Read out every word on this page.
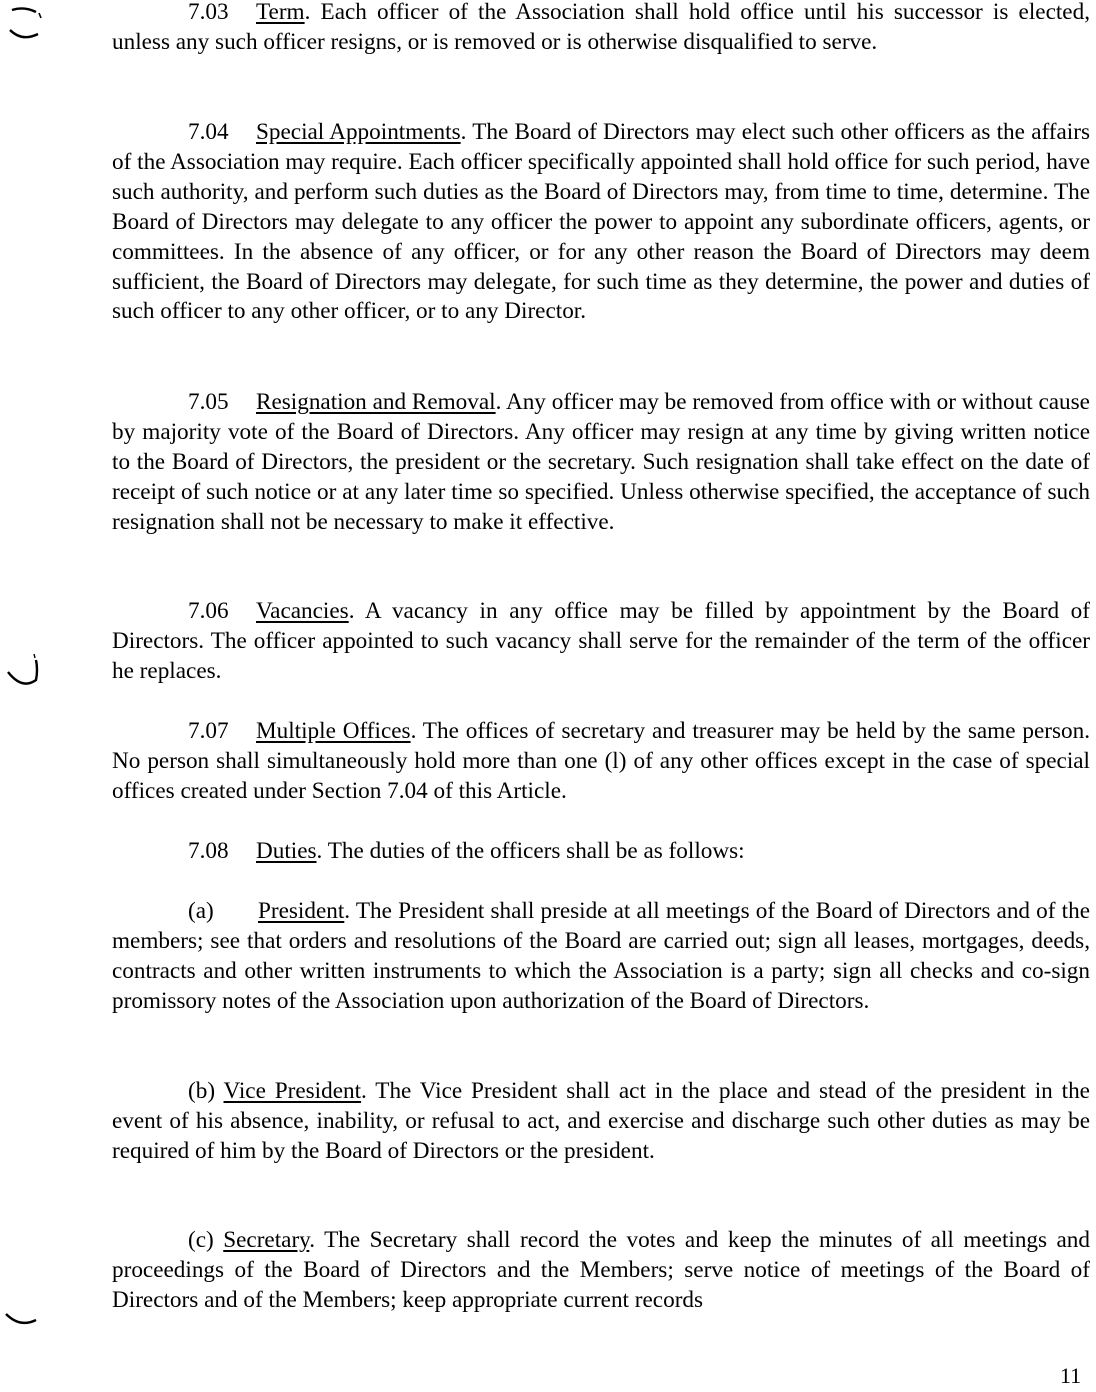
7.03 Term. Each officer of the Association shall hold office until his successor is elected, unless any such officer resigns, or is removed or is otherwise disqualified to serve.

7.04 Special Appointments. The Board of Directors may elect such other officers as the affairs of the Association may require. Each officer specifically appointed shall hold office for such period, have such authority, and perform such duties as the Board of Directors may, from time to time, determine. The Board of Directors may delegate to any officer the power to appoint any subordinate officers, agents, or committees. In the absence of any officer, or for any other reason the Board of Directors may deem sufficient, the Board of Directors may delegate, for such time as they determine, the power and duties of such officer to any other officer, or to any Director.

7.05 Resignation and Removal. Any officer may be removed from office with or without cause by majority vote of the Board of Directors. Any officer may resign at any time by giving written notice to the Board of Directors, the president or the secretary. Such resignation shall take effect on the date of receipt of such notice or at any later time so specified. Unless otherwise specified, the acceptance of such resignation shall not be necessary to make it effective.

7.06 Vacancies. A vacancy in any office may be filled by appointment by the Board of Directors. The officer appointed to such vacancy shall serve for the remainder of the term of the officer he replaces.

7.07 Multiple Offices. The offices of secretary and treasurer may be held by the same person. No person shall simultaneously hold more than one (l) of any other offices except in the case of special offices created under Section 7.04 of this Article.

7.08 Duties. The duties of the officers shall be as follows:

(a) President. The President shall preside at all meetings of the Board of Directors and of the members; see that orders and resolutions of the Board are carried out; sign all leases, mortgages, deeds, contracts and other written instruments to which the Association is a party; sign all checks and co-sign promissory notes of the Association upon authorization of the Board of Directors.

(b) Vice President. The Vice President shall act in the place and stead of the president in the event of his absence, inability, or refusal to act, and exercise and discharge such other duties as may be required of him by the Board of Directors or the president.

(c) Secretary. The Secretary shall record the votes and keep the minutes of all meetings and proceedings of the Board of Directors and the Members; serve notice of meetings of the Board of Directors and of the Members; keep appropriate current records

11
